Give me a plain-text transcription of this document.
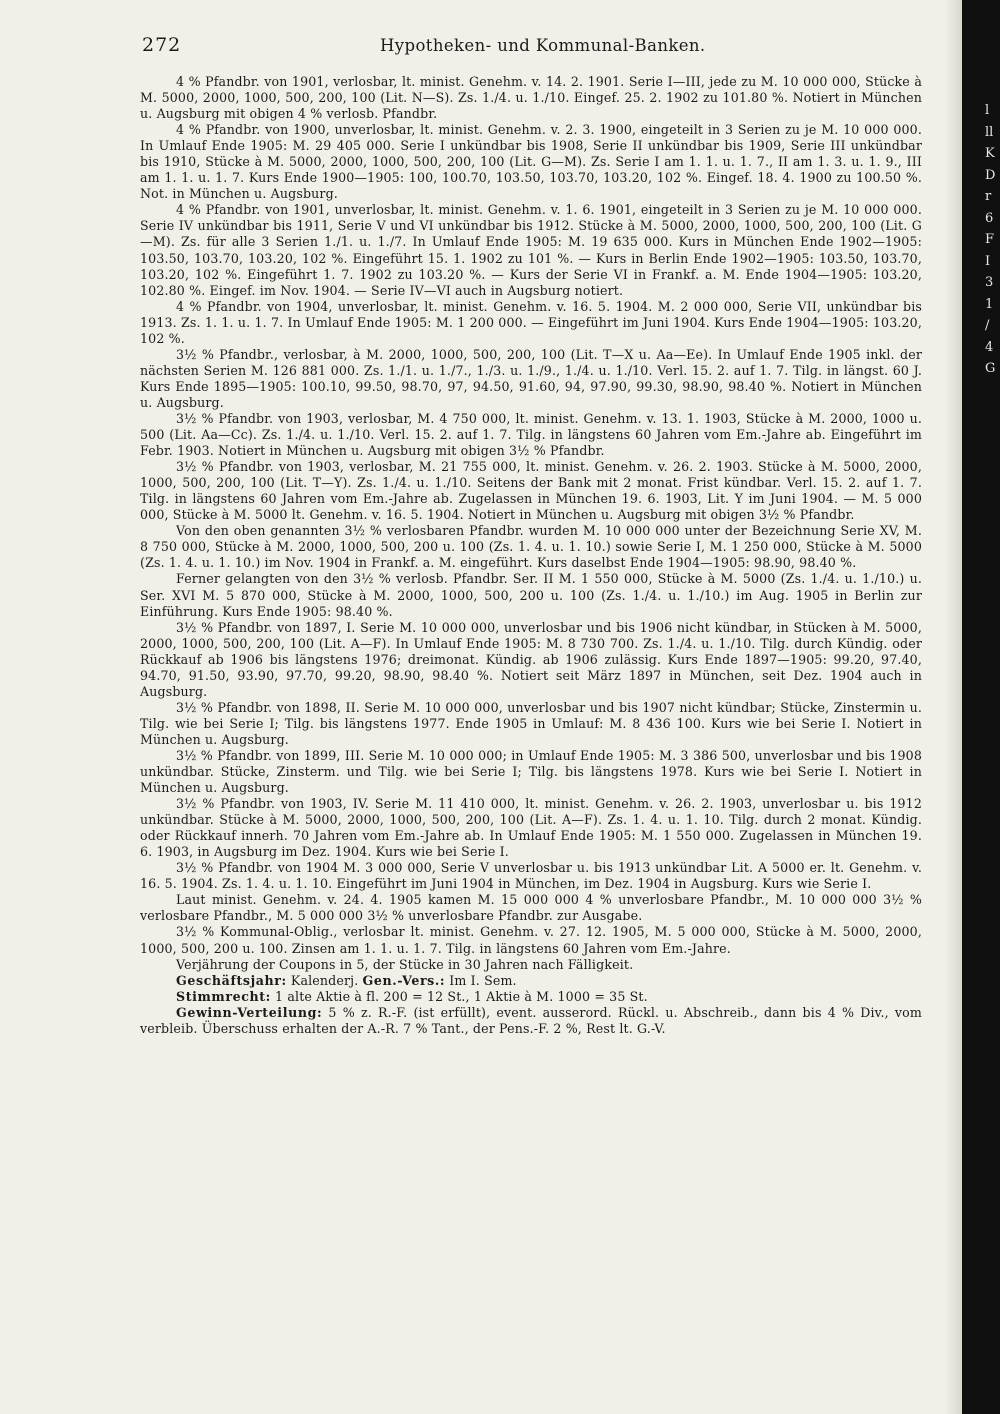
l
ll
K
D
r
6
F
I
3
1
/
4
G
272	Hypotheken- und Kommunal-Banken.

4 % Pfandbr. von 1901, verlosbar, lt. minist. Genehm. v. 14. 2. 1901. Serie I—III, jede zu M. 10 000 000, Stücke à M. 5000, 2000, 1000, 500, 200, 100 (Lit. N—S). Zs. 1./4. u. 1./10. Eingef. 25. 2. 1902 zu 101.80 %. Notiert in München u. Augsburg mit obigen 4 % verlosb. Pfandbr.

4 % Pfandbr. von 1900, unverlosbar, lt. minist. Genehm. v. 2. 3. 1900, eingeteilt in 3 Serien zu je M. 10 000 000. In Umlauf Ende 1905: M. 29 405 000. Serie I unkündbar bis 1908, Serie II unkündbar bis 1909, Serie III unkündbar bis 1910, Stücke à M. 5000, 2000, 1000, 500, 200, 100 (Lit. G—M). Zs. Serie I am 1. 1. u. 1. 7., II am 1. 3. u. 1. 9., III am 1. 1. u. 1. 7. Kurs Ende 1900—1905: 100, 100.70, 103.50, 103.70, 103.20, 102 %. Eingef. 18. 4. 1900 zu 100.50 %. Not. in München u. Augsburg.

4 % Pfandbr. von 1901, unverlosbar, lt. minist. Genehm. v. 1. 6. 1901, eingeteilt in 3 Serien zu je M. 10 000 000. Serie IV unkündbar bis 1911, Serie V und VI unkündbar bis 1912. Stücke à M. 5000, 2000, 1000, 500, 200, 100 (Lit. G—M). Zs. für alle 3 Serien 1./1. u. 1./7. In Umlauf Ende 1905: M. 19 635 000. Kurs in München Ende 1902—1905: 103.50, 103.70, 103.20, 102 %. Eingeführt 15. 1. 1902 zu 101 %. — Kurs in Berlin Ende 1902—1905: 103.50, 103.70, 103.20, 102 %. Eingeführt 1. 7. 1902 zu 103.20 %. — Kurs der Serie VI in Frankf. a. M. Ende 1904—1905: 103.20, 102.80 %. Eingef. im Nov. 1904. — Serie IV—VI auch in Augsburg notiert.

4 % Pfandbr. von 1904, unverlosbar, lt. minist. Genehm. v. 16. 5. 1904. M. 2 000 000, Serie VII, unkündbar bis 1913. Zs. 1. 1. u. 1. 7. In Umlauf Ende 1905: M. 1 200 000. — Eingeführt im Juni 1904. Kurs Ende 1904—1905: 103.20, 102 %.

3½ % Pfandbr., verlosbar, à M. 2000, 1000, 500, 200, 100 (Lit. T—X u. Aa—Ee). In Umlauf Ende 1905 inkl. der nächsten Serien M. 126 881 000. Zs. 1./1. u. 1./7., 1./3. u. 1./9., 1./4. u. 1./10. Verl. 15. 2. auf 1. 7. Tilg. in längst. 60 J. Kurs Ende 1895—1905: 100.10, 99.50, 98.70, 97, 94.50, 91.60, 94, 97.90, 99.30, 98.90, 98.40 %. Notiert in München u. Augsburg.

3½ % Pfandbr. von 1903, verlosbar, M. 4 750 000, lt. minist. Genehm. v. 13. 1. 1903, Stücke à M. 2000, 1000 u. 500 (Lit. Aa—Cc). Zs. 1./4. u. 1./10. Verl. 15. 2. auf 1. 7. Tilg. in längstens 60 Jahren vom Em.-Jahre ab. Eingeführt im Febr. 1903. Notiert in München u. Augsburg mit obigen 3½ % Pfandbr.

3½ % Pfandbr. von 1903, verlosbar, M. 21 755 000, lt. minist. Genehm. v. 26. 2. 1903. Stücke à M. 5000, 2000, 1000, 500, 200, 100 (Lit. T—Y). Zs. 1./4. u. 1./10. Seitens der Bank mit 2 monat. Frist kündbar. Verl. 15. 2. auf 1. 7. Tilg. in längstens 60 Jahren vom Em.-Jahre ab. Zugelassen in München 19. 6. 1903, Lit. Y im Juni 1904. — M. 5 000 000, Stücke à M. 5000 lt. Genehm. v. 16. 5. 1904. Notiert in München u. Augsburg mit obigen 3½ % Pfandbr.

Von den oben genannten 3½ % verlosbaren Pfandbr. wurden M. 10 000 000 unter der Bezeichnung Serie XV, M. 8 750 000, Stücke à M. 2000, 1000, 500, 200 u. 100 (Zs. 1. 4. u. 1. 10.) sowie Serie I, M. 1 250 000, Stücke à M. 5000 (Zs. 1. 4. u. 1. 10.) im Nov. 1904 in Frankf. a. M. eingeführt. Kurs daselbst Ende 1904—1905: 98.90, 98.40 %.

Ferner gelangten von den 3½ % verlosb. Pfandbr. Ser. II M. 1 550 000, Stücke à M. 5000 (Zs. 1./4. u. 1./10.) u. Ser. XVI M. 5 870 000, Stücke à M. 2000, 1000, 500, 200 u. 100 (Zs. 1./4. u. 1./10.) im Aug. 1905 in Berlin zur Einführung. Kurs Ende 1905: 98.40 %.

3½ % Pfandbr. von 1897, I. Serie M. 10 000 000, unverlosbar und bis 1906 nicht kündbar, in Stücken à M. 5000, 2000, 1000, 500, 200, 100 (Lit. A—F). In Umlauf Ende 1905: M. 8 730 700. Zs. 1./4. u. 1./10. Tilg. durch Kündig. oder Rückkauf ab 1906 bis längstens 1976; dreimonat. Kündig. ab 1906 zulässig. Kurs Ende 1897—1905: 99.20, 97.40, 94.70, 91.50, 93.90, 97.70, 99.20, 98.90, 98.40 %. Notiert seit März 1897 in München, seit Dez. 1904 auch in Augsburg.

3½ % Pfandbr. von 1898, II. Serie M. 10 000 000, unverlosbar und bis 1907 nicht kündbar; Stücke, Zinstermin u. Tilg. wie bei Serie I; Tilg. bis längstens 1977. Ende 1905 in Umlauf: M. 8 436 100. Kurs wie bei Serie I. Notiert in München u. Augsburg.

3½ % Pfandbr. von 1899, III. Serie M. 10 000 000; in Umlauf Ende 1905: M. 3 386 500, unverlosbar und bis 1908 unkündbar. Stücke, Zinsterm. und Tilg. wie bei Serie I; Tilg. bis längstens 1978. Kurs wie bei Serie I. Notiert in München u. Augsburg.

3½ % Pfandbr. von 1903, IV. Serie M. 11 410 000, lt. minist. Genehm. v. 26. 2. 1903, unverlosbar u. bis 1912 unkündbar. Stücke à M. 5000, 2000, 1000, 500, 200, 100 (Lit. A—F). Zs. 1. 4. u. 1. 10. Tilg. durch 2 monat. Kündig. oder Rückkauf innerh. 70 Jahren vom Em.-Jahre ab. In Umlauf Ende 1905: M. 1 550 000. Zugelassen in München 19. 6. 1903, in Augsburg im Dez. 1904. Kurs wie bei Serie I.

3½ % Pfandbr. von 1904 M. 3 000 000, Serie V unverlosbar u. bis 1913 unkündbar Lit. A 5000 er. lt. Genehm. v. 16. 5. 1904. Zs. 1. 4. u. 1. 10. Eingeführt im Juni 1904 in München, im Dez. 1904 in Augsburg. Kurs wie Serie I.

Laut minist. Genehm. v. 24. 4. 1905 kamen M. 15 000 000 4 % unverlosbare Pfandbr., M. 10 000 000 3½ % verlosbare Pfandbr., M. 5 000 000 3½ % unverlosbare Pfandbr. zur Ausgabe.

3½ % Kommunal-Oblig., verlosbar lt. minist. Genehm. v. 27. 12. 1905, M. 5 000 000, Stücke à M. 5000, 2000, 1000, 500, 200 u. 100. Zinsen am 1. 1. u. 1. 7. Tilg. in längstens 60 Jahren vom Em.-Jahre.

Verjährung der Coupons in 5, der Stücke in 30 Jahren nach Fälligkeit.

Geschäftsjahr: Kalenderj. Gen.-Vers.: Im I. Sem.

Stimmrecht: 1 alte Aktie à fl. 200 = 12 St., 1 Aktie à M. 1000 = 35 St.

Gewinn-Verteilung: 5 % z. R.-F. (ist erfüllt), event. ausserord. Rückl. u. Abschreib., dann bis 4 % Div., vom verbleib. Überschuss erhalten der A.-R. 7 % Tant., der Pens.-F. 2 %, Rest lt. G.-V.
